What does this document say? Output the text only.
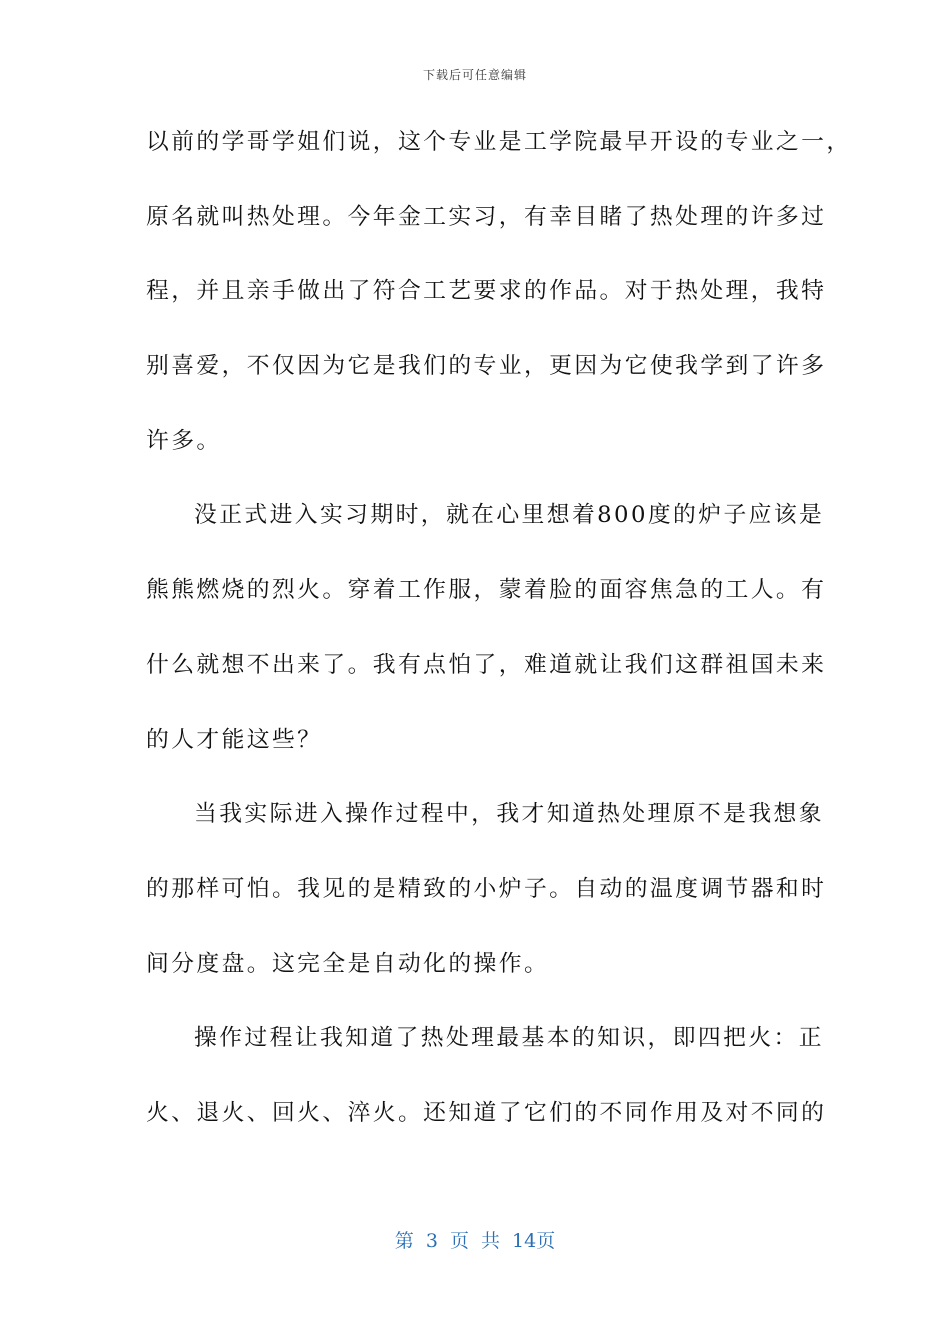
下载后可任意编辑
以前的学哥学姐们说，这个专业是工学院最早开设的专业之一，
原名就叫热处理。今年金工实习，有幸目睹了热处理的许多过
程，并且亲手做出了符合工艺要求的作品。对于热处理，我特
别喜爱，不仅因为它是我们的专业，更因为它使我学到了许多
许多。
没正式进入实习期时，就在心里想着800度的炉子应该是
熊熊燃烧的烈火。穿着工作服，蒙着脸的面容焦急的工人。有
什么就想不出来了。我有点怕了，难道就让我们这群祖国未来
的人才能这些？
当我实际进入操作过程中，我才知道热处理原不是我想象
的那样可怕。我见的是精致的小炉子。自动的温度调节器和时
间分度盘。这完全是自动化的操作。
操作过程让我知道了热处理最基本的知识，即四把火：正
火、退火、回火、淬火。还知道了它们的不同作用及对不同的
第 3 页 共 14页
